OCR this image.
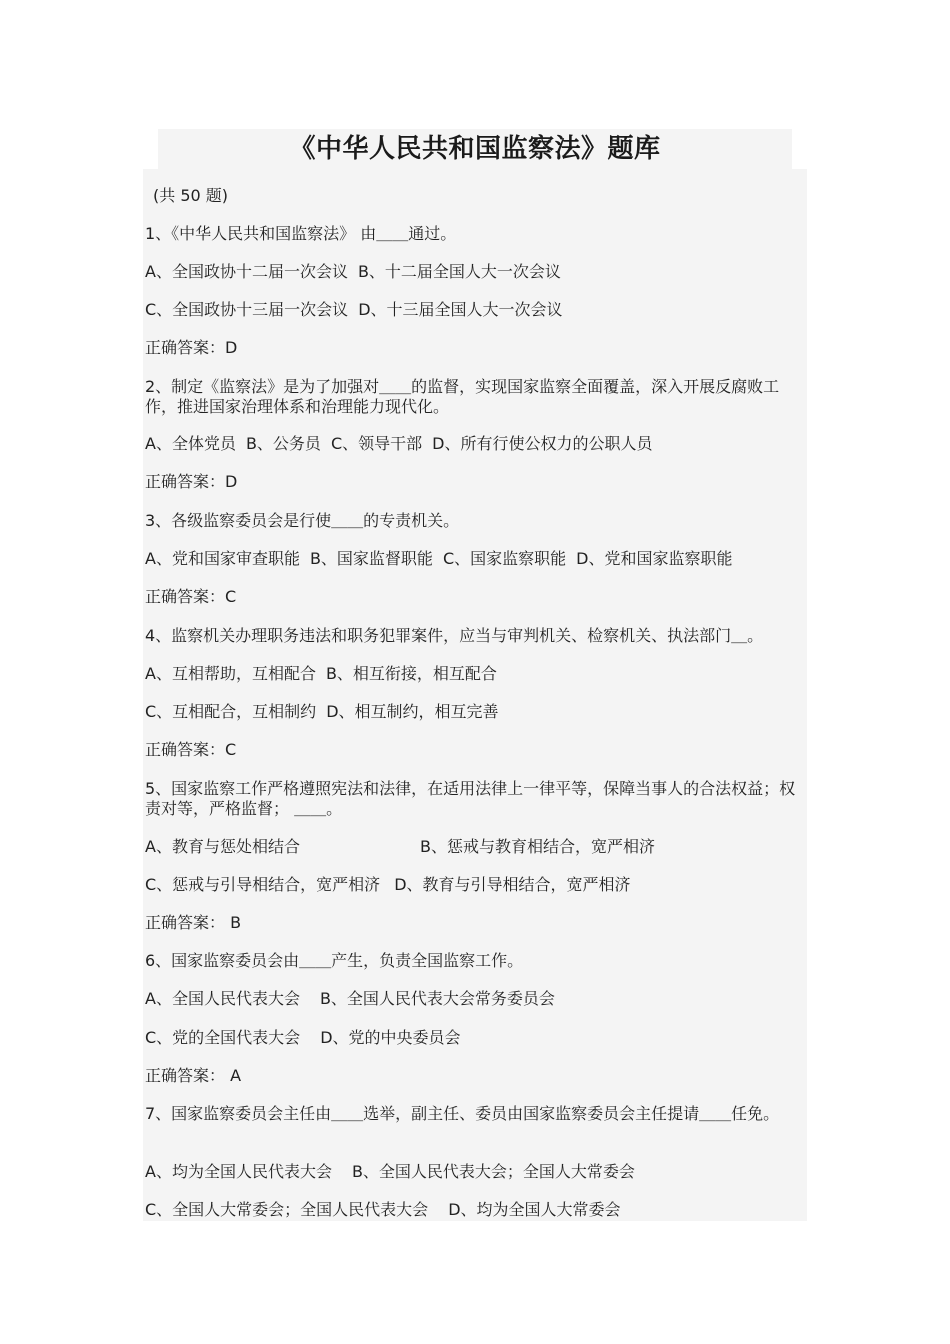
《中华人民共和国监察法》题库
(共 50 题)
1、《中华人民共和国监察法》 由＿＿通过。
A、全国政协十二届一次会议 B、十二届全国人大一次会议
C、全国政协十三届一次会议 D、十三届全国人大一次会议
正确答案：D
2、制定《监察法》是为了加强对＿＿的监督，实现国家监察全面覆盖，深入开展反腐败工作，推进国家治理体系和治理能力现代化。
A、全体党员 B、公务员 C、领导干部 D、所有行使公权力的公职人员
正确答案：D
3、各级监察委员会是行使＿＿的专责机关。
A、党和国家审查职能 B、国家监督职能 C、国家监察职能 D、党和国家监察职能
正确答案：C
4、监察机关办理职务违法和职务犯罪案件，应当与审判机关、检察机关、执法部门＿。
A、互相帮助，互相配合 B、相互衔接，相互配合
C、互相配合，互相制约 D、相互制约，相互完善
正确答案：C
5、国家监察工作严格遵照宪法和法律，在适用法律上一律平等，保障当事人的合法权益；权责对等，严格监督； ＿＿。
A、教育与惩处相结合	B、惩戒与教育相结合，宽严相济
C、惩戒与引导相结合，宽严相济 D、教育与引导相结合，宽严相济
正确答案： B
6、国家监察委员会由＿＿产生，负责全国监察工作。
A、全国人民代表大会 B、全国人民代表大会常务委员会
C、党的全国代表大会 D、党的中央委员会
正确答案： A
7、国家监察委员会主任由＿＿选举，副主任、委员由国家监察委员会主任提请＿＿任免。
A、均为全国人民代表大会 B、全国人民代表大会；全国人大常委会
C、全国人大常委会；全国人民代表大会 D、均为全国人大常委会
